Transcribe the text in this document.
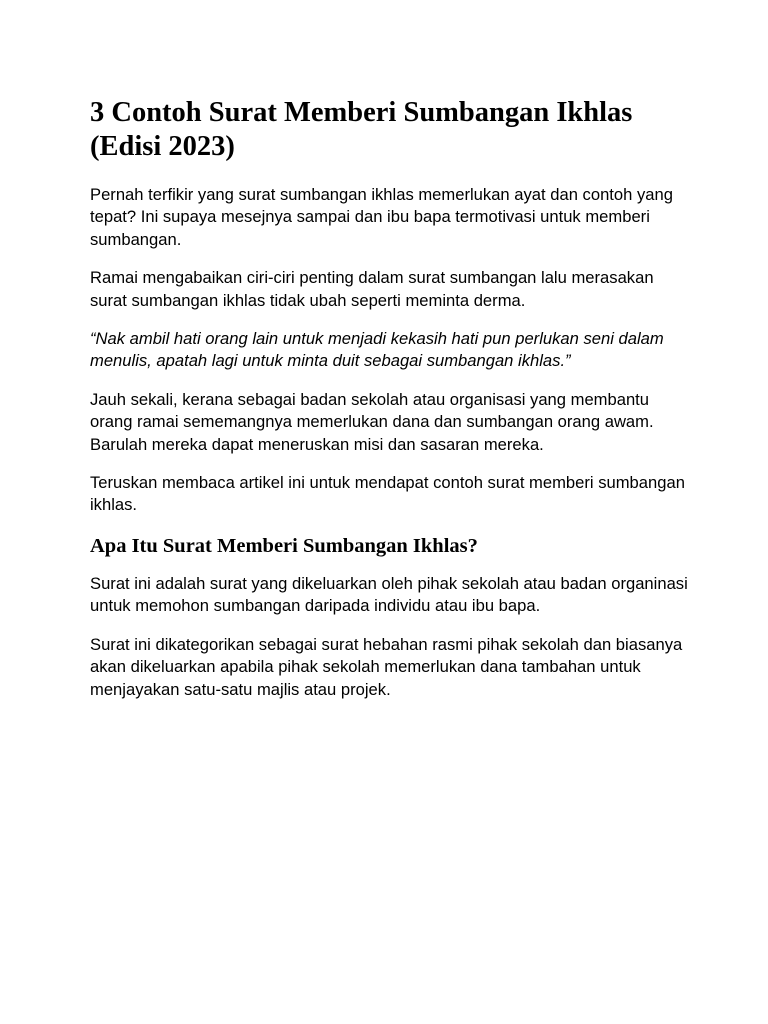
3 Contoh Surat Memberi Sumbangan Ikhlas (Edisi 2023)

Pernah terfikir yang surat sumbangan ikhlas memerlukan ayat dan contoh yang tepat? Ini supaya mesejnya sampai dan ibu bapa termotivasi untuk memberi sumbangan.

Ramai mengabaikan ciri-ciri penting dalam surat sumbangan lalu merasakan surat sumbangan ikhlas tidak ubah seperti meminta derma.

“Nak ambil hati orang lain untuk menjadi kekasih hati pun perlukan seni dalam menulis, apatah lagi untuk minta duit sebagai sumbangan ikhlas.”

Jauh sekali, kerana sebagai badan sekolah atau organisasi yang membantu orang ramai sememangnya memerlukan dana dan sumbangan orang awam. Barulah mereka dapat meneruskan misi dan sasaran mereka.

Teruskan membaca artikel ini untuk mendapat contoh surat memberi sumbangan ikhlas.

Apa Itu Surat Memberi Sumbangan Ikhlas?

Surat ini adalah surat yang dikeluarkan oleh pihak sekolah atau badan organinasi untuk memohon sumbangan daripada individu atau ibu bapa.

Surat ini dikategorikan sebagai surat hebahan rasmi pihak sekolah dan biasanya akan dikeluarkan apabila pihak sekolah memerlukan dana tambahan untuk menjayakan satu-satu majlis atau projek.
